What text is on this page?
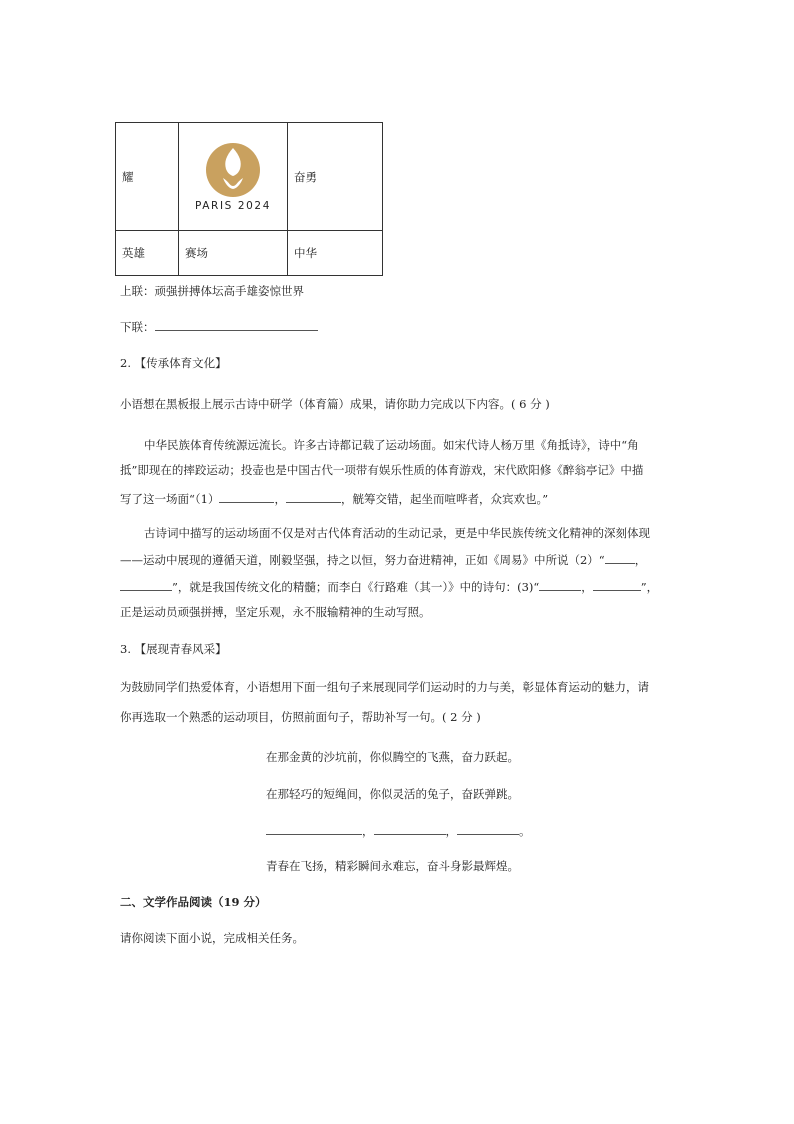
耀	PARIS 2024	奋勇
英雄	赛场	中华
上联：顽强拼搏体坛高手雄姿惊世界
下联：
2. 【传承体育文化】
小语想在黑板报上展示古诗中研学（体育篇）成果，请你助力完成以下内容。( 6 分 )
中华民族体育传统源远流长。许多古诗都记载了运动场面。如宋代诗人杨万里《角抵诗》，诗中“角
抵”即现在的摔跤运动；投壶也是中国古代一项带有娱乐性质的体育游戏，宋代欧阳修《醉翁亭记》中描
写了这一场面“（1）	，	，觥筹交错，起坐而喧哗者，众宾欢也。”
古诗词中描写的运动场面不仅是对古代体育活动的生动记录，更是中华民族传统文化精神的深刻体现
——运动中展现的遵循天道，刚毅坚强，持之以恒，努力奋进精神，正如《周易》中所说（2）“	，
”，就是我国传统文化的精髓；而李白《行路难（其一）》中的诗句：(3)“	，	”，
正是运动员顽强拼搏，坚定乐观，永不服输精神的生动写照。
3. 【展现青春风采】
为鼓励同学们热爱体育，小语想用下面一组句子来展现同学们运动时的力与美，彰显体育运动的魅力，请
你再选取一个熟悉的运动项目，仿照前面句子，帮助补写一句。( 2 分 )
在那金黄的沙坑前，你似腾空的飞燕，奋力跃起。
在那轻巧的短绳间，你似灵活的兔子，奋跃弹跳。
，	，	。
青春在飞扬，精彩瞬间永难忘，奋斗身影最辉煌。
二、文学作品阅读（19 分）
请你阅读下面小说，完成相关任务。
